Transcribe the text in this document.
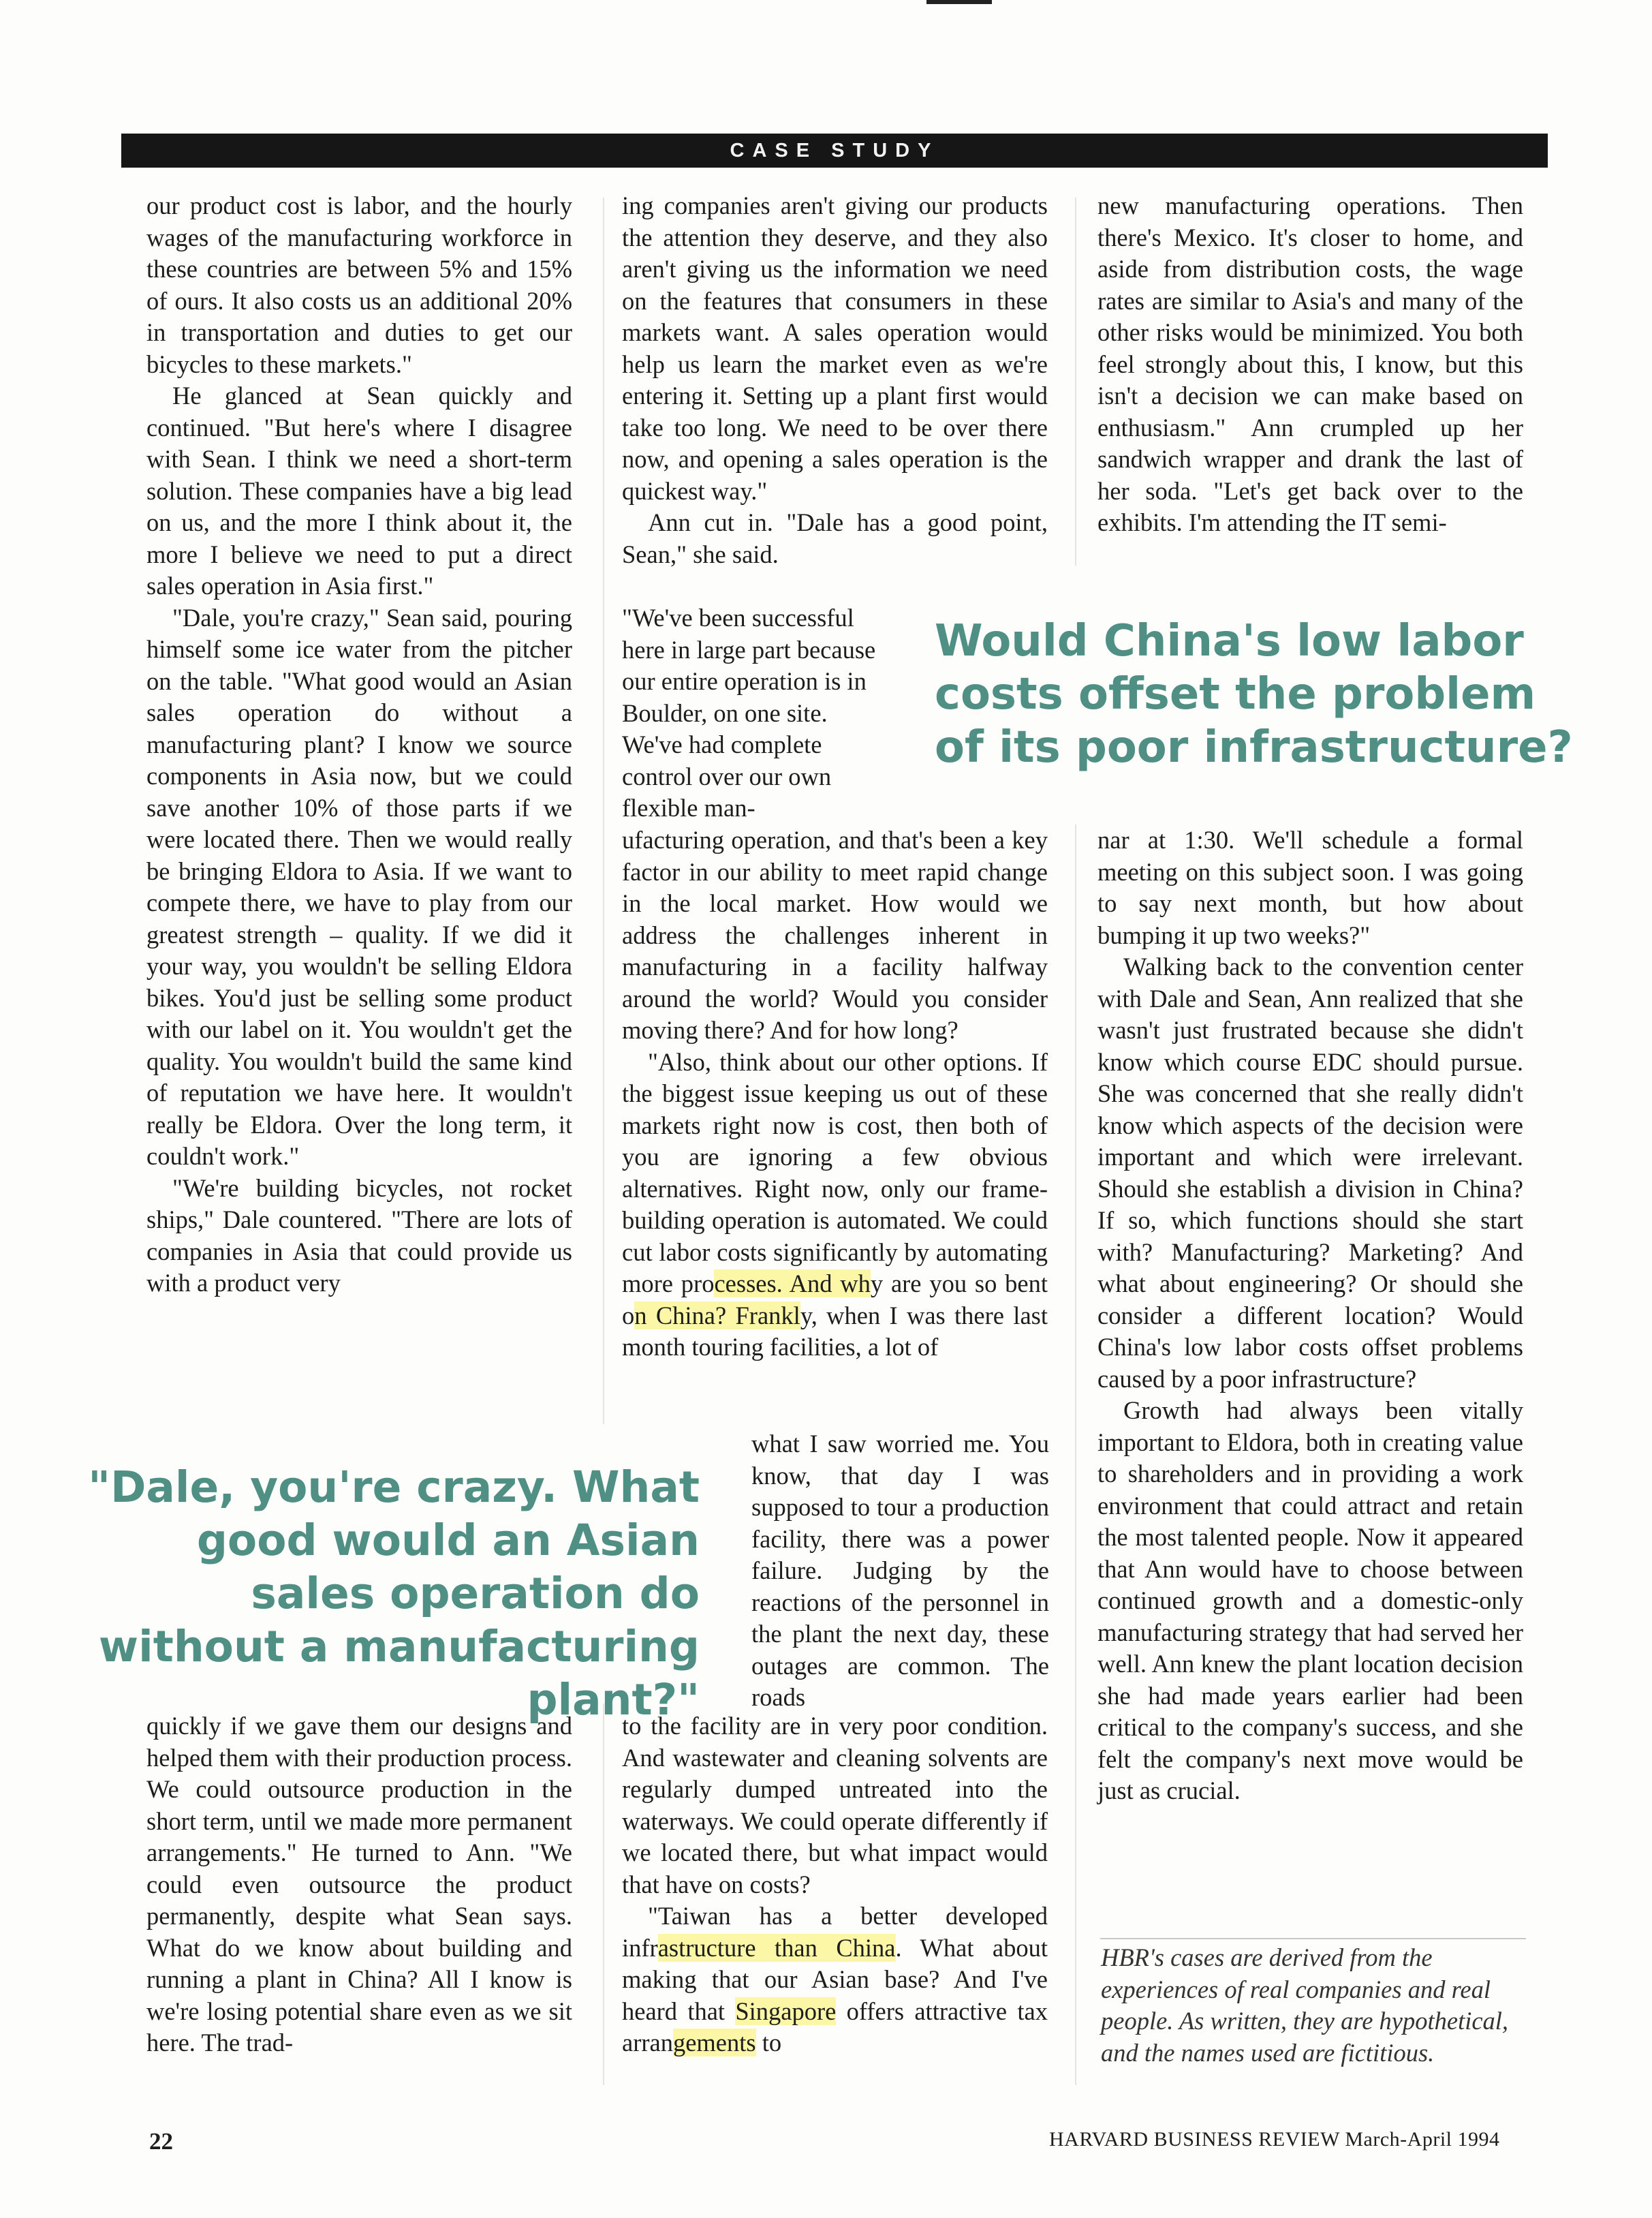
CASE STUDY

our product cost is labor, and the hourly wages of the manufacturing workforce in these countries are between 5% and 15% of ours. It also costs us an additional 20% in transportation and duties to get our bicycles to these markets."

He glanced at Sean quickly and continued. "But here's where I disagree with Sean. I think we need a short-term solution. These companies have a big lead on us, and the more I think about it, the more I believe we need to put a direct sales operation in Asia first."

"Dale, you're crazy," Sean said, pouring himself some ice water from the pitcher on the table. "What good would an Asian sales operation do without a manufacturing plant? I know we source components in Asia now, but we could save another 10% of those parts if we were located there. Then we would really be bringing Eldora to Asia. If we want to compete there, we have to play from our greatest strength – quality. If we did it your way, you wouldn't be selling Eldora bikes. You'd just be selling some product with our label on it. You wouldn't get the quality. You wouldn't build the same kind of reputation we have here. It wouldn't really be Eldora. Over the long term, it couldn't work."

"We're building bicycles, not rocket ships," Dale countered. "There are lots of companies in Asia that could provide us with a product very

"Dale, you're crazy. What good would an Asian sales operation do without a manufacturing plant?"

quickly if we gave them our designs and helped them with their production process. We could outsource production in the short term, until we made more permanent arrangements." He turned to Ann. "We could even outsource the product permanently, despite what Sean says. What do we know about building and running a plant in China? All I know is we're losing potential share even as we sit here. The trad-

ing companies aren't giving our products the attention they deserve, and they also aren't giving us the information we need on the features that consumers in these markets want. A sales operation would help us learn the market even as we're entering it. Setting up a plant first would take too long. We need to be over there now, and opening a sales operation is the quickest way."

Ann cut in. "Dale has a good point, Sean," she said.

"We've been successful here in large part because our entire operation is in Boulder, on one site. We've had complete control over our own flexible man-

Would China's low labor costs offset the problem of its poor infrastructure?

ufacturing operation, and that's been a key factor in our ability to meet rapid change in the local market. How would we address the challenges inherent in manufacturing in a facility halfway around the world? Would you consider moving there? And for how long?

"Also, think about our other options. If the biggest issue keeping us out of these markets right now is cost, then both of you are ignoring a few obvious alternatives. Right now, only our frame-building operation is automated. We could cut labor costs significantly by automating more processes. And why are you so bent on China? Frankly, when I was there last month touring facilities, a lot of

what I saw worried me. You know, that day I was supposed to tour a production facility, there was a power failure. Judging by the reactions of the personnel in the plant the next day, these outages are common. The roads

to the facility are in very poor condition. And wastewater and cleaning solvents are regularly dumped untreated into the waterways. We could operate differently if we located there, but what impact would that have on costs?

"Taiwan has a better developed infrastructure than China. What about making that our Asian base? And I've heard that Singapore offers attractive tax arrangements to

new manufacturing operations. Then there's Mexico. It's closer to home, and aside from distribution costs, the wage rates are similar to Asia's and many of the other risks would be minimized. You both feel strongly about this, I know, but this isn't a decision we can make based on enthusiasm." Ann crumpled up her sandwich wrapper and drank the last of her soda. "Let's get back over to the exhibits. I'm attending the IT semi-

nar at 1:30. We'll schedule a formal meeting on this subject soon. I was going to say next month, but how about bumping it up two weeks?"

Walking back to the convention center with Dale and Sean, Ann realized that she wasn't just frustrated because she didn't know which course EDC should pursue. She was concerned that she really didn't know which aspects of the decision were important and which were irrelevant. Should she establish a division in China? If so, which functions should she start with? Manufacturing? Marketing? And what about engineering? Or should she consider a different location? Would China's low labor costs offset problems caused by a poor infrastructure?

Growth had always been vitally important to Eldora, both in creating value to shareholders and in providing a work environment that could attract and retain the most talented people. Now it appeared that Ann would have to choose between continued growth and a domestic-only manufacturing strategy that had served her well. Ann knew the plant location decision she had made years earlier had been critical to the company's success, and she felt the company's next move would be just as crucial.

HBR's cases are derived from the experiences of real companies and real people. As written, they are hypothetical, and the names used are fictitious.
22	HARVARD BUSINESS REVIEW March-April 1994
